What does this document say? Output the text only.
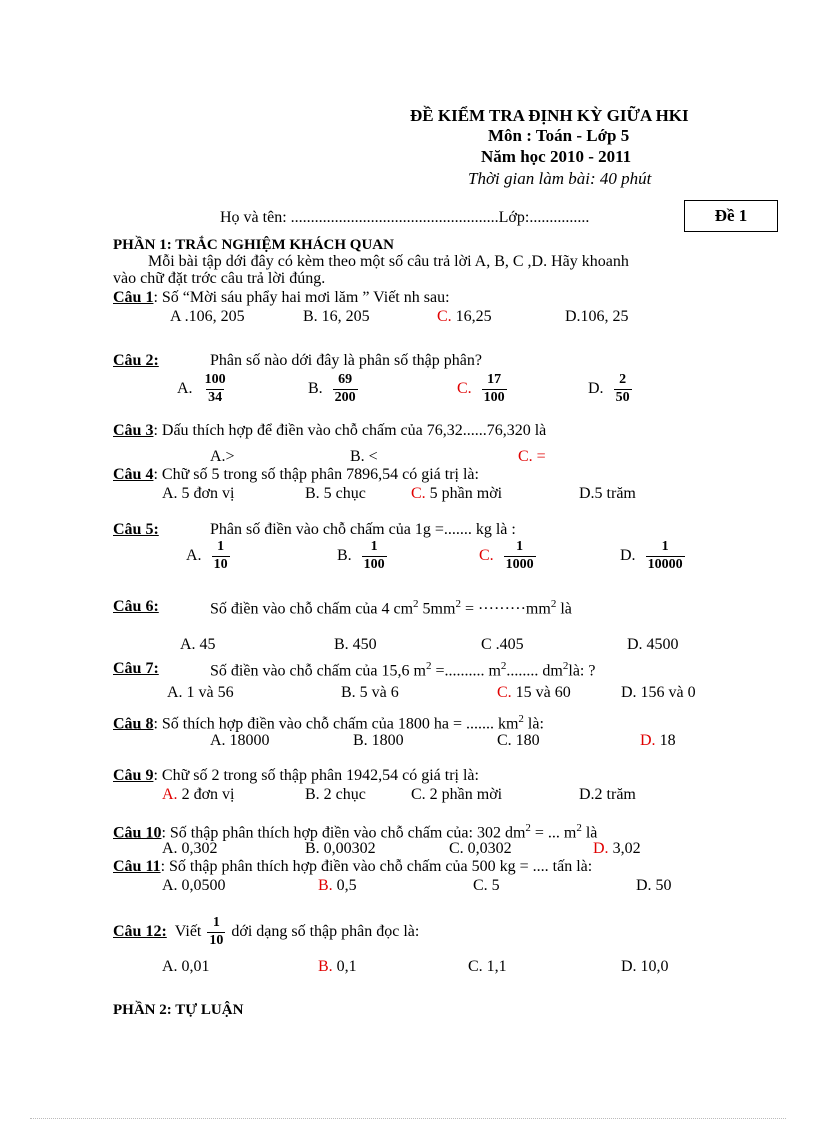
ĐỀ KIỂM TRA ĐỊNH KỲ GIỮA HKI
Môn : Toán - Lớp 5
Năm học 2010 - 2011
Thời gian làm bài: 40 phút
Họ và tên: ....................................................Lớp:...............	Đề 1
PHẦN 1: TRẮC NGHIỆM KHÁCH QUAN
Mỗi bài tập dới đây có kèm theo một số câu trả lời A, B, C ,D. Hãy khoanh
vào chữ đặt trớc câu trả lời đúng.
Câu 1: Số “Mời sáu phẩy hai mơi lăm ” Viết nh sau:
A .106, 205	B. 16, 205	C. 16,25	D.106, 25
Câu 2:	Phân số nào dới đây là phân số thập phân?
A. $\frac{100}{34}$	B. $\frac{69}{200}$	C. $\frac{17}{100}$	D. $\frac{2}{50}$
Câu 3: Dấu thích hợp để điền vào chỗ chấm của 76,32......76,320 là
A.>	B. <	C. =
Câu 4: Chữ số 5 trong số thập phân 7896,54 có giá trị là:
A. 5 đơn vị	B. 5 chục	C. 5 phần mời	D.5 trăm
Câu 5:	Phân số điền vào chỗ chấm của 1g =....... kg là :
A. $\frac{1}{10}$	B. $\frac{1}{100}$	C. $\frac{1}{1000}$	D. $\frac{1}{10000}$
Câu 6:	Số điền vào chỗ chấm của 4 $cm^2$ $5mm^2 = \cdot\cdot\cdot\cdot\cdot\cdot\cdot\cdot\cdot mm^2$ là
A. 45	B. 450	C .405	D. 4500
Câu 7:	Số điền vào chỗ chấm của 15,6 $m^2$ =.......... $m^2$........ $dm^2là$: ?
A. 1 và 56	B. 5 và 6	C. 15 và 60	D. 156 và 0
Câu 8: Số thích hợp điền vào chỗ chấm của 1800 ha = ....... $km^2$ là:
A. 18000	B. 1800	C. 180	D. 18
Câu 9: Chữ số 2 trong số thập phân 1942,54 có giá trị là:
A. 2 đơn vị	B. 2 chục	C. 2 phần mời	D.2 trăm
Câu 10: Số thập phân thích hợp điền vào chỗ chấm của: 302 $dm^2$ = ... $m^2$ là
A. 0,302	B. 0,00302	C. 0,0302	D. 3,02
Câu 11: Số thập phân thích hợp điền vào chỗ chấm của 500 kg = .... tấn là:
A. 0,0500	B. 0,5	C. 5	D. 50
Câu 12: Viết $\frac{1}{10}$ dới dạng số thập phân đọc là:
A. 0,01	B. 0,1	C. 1,1	D. 10,0
PHẦN 2: TỰ LUẬN
